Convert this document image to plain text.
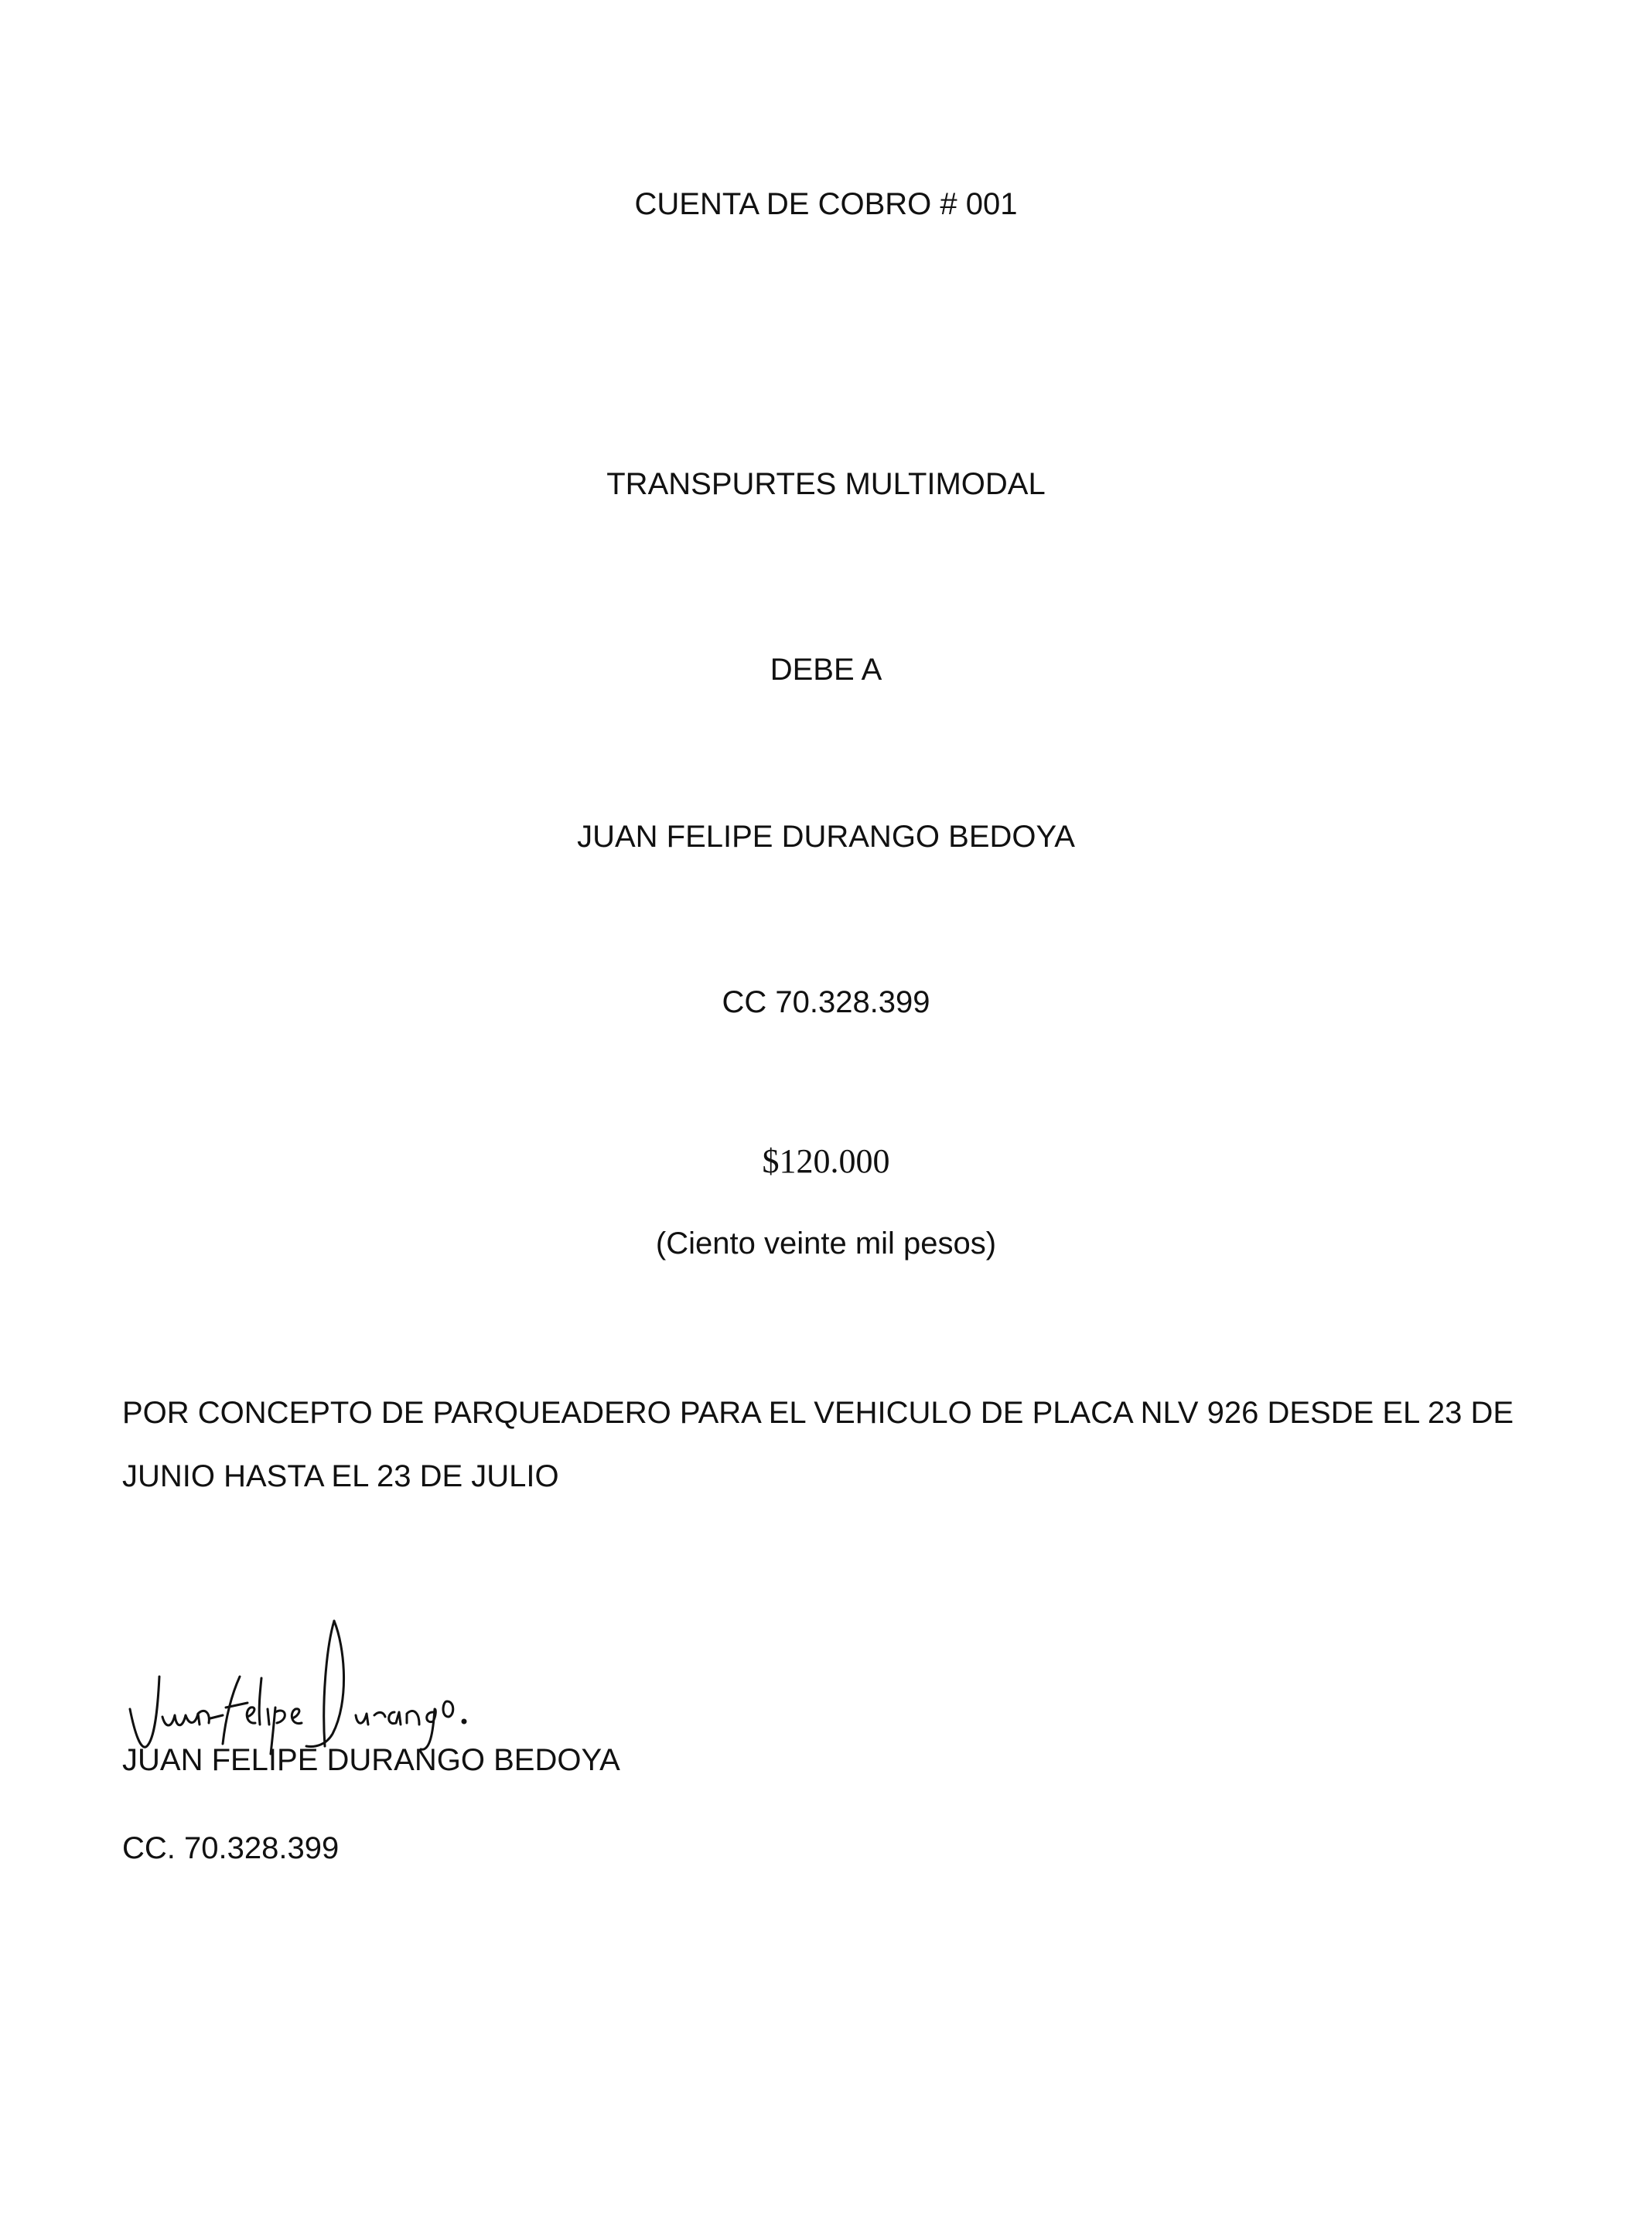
CUENTA DE COBRO # 001
TRANSPURTES MULTIMODAL
DEBE A
JUAN FELIPE DURANGO BEDOYA
CC 70.328.399
$120.000
(Ciento veinte mil pesos)
POR CONCEPTO DE PARQUEADERO PARA EL VEHICULO DE PLACA NLV 926 DESDE EL 23 DE JUNIO HASTA EL 23 DE JULIO
JUAN FELIPE DURANGO BEDOYA
CC. 70.328.399
